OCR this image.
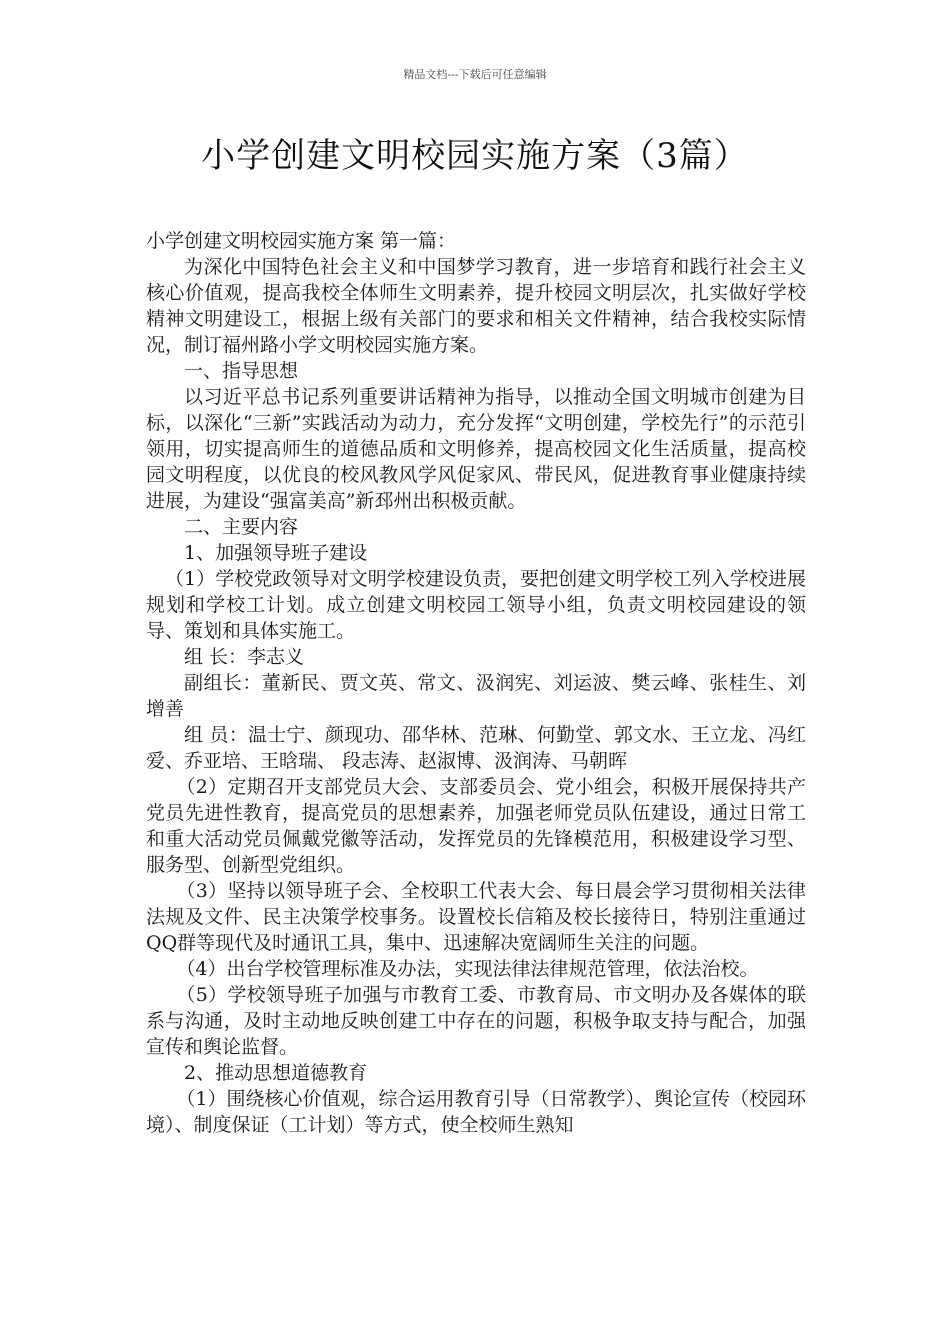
精品文档---下载后可任意编辑
小学创建文明校园实施方案（3篇）

小学创建文明校园实施方案 第一篇：

为深化中国特色社会主义和中国梦学习教育，进一步培育和践行社会主义核心价值观，提高我校全体师生文明素养，提升校园文明层次，扎实做好学校精神文明建设工，根据上级有关部门的要求和相关文件精神，结合我校实际情况，制订福州路小学文明校园实施方案。

一、指导思想

以习近平总书记系列重要讲话精神为指导，以推动全国文明城市创建为目标，以深化“三新”实践活动为动力，充分发挥“文明创建，学校先行”的示范引领用，切实提高师生的道德品质和文明修养，提高校园文化生活质量，提高校园文明程度，以优良的校风教风学风促家风、带民风，促进教育事业健康持续进展，为建设“强富美高”新邳州出积极贡献。

二、主要内容

1、加强领导班子建设

（1）学校党政领导对文明学校建设负责，要把创建文明学校工列入学校进展规划和学校工计划。成立创建文明校园工领导小组，负责文明校园建设的领导、策划和具体实施工。

组 长：李志义

副组长：董新民、贾文英、常文、汲润宪、刘运波、樊云峰、张桂生、刘增善

组 员：温士宁、颜现功、邵华林、范琳、何勤堂、郭文水、王立龙、冯红爱、乔亚培、王晗瑞、 段志涛、赵淑博、汲润涛、马朝晖

（2）定期召开支部党员大会、支部委员会、党小组会，积极开展保持共产党员先进性教育，提高党员的思想素养，加强老师党员队伍建设，通过日常工和重大活动党员佩戴党徽等活动，发挥党员的先锋模范用，积极建设学习型、服务型、创新型党组织。

（3）坚持以领导班子会、全校职工代表大会、每日晨会学习贯彻相关法律法规及文件、民主决策学校事务。设置校长信箱及校长接待日，特别注重通过QQ群等现代及时通讯工具，集中、迅速解决宽阔师生关注的问题。

（4）出台学校管理标准及办法，实现法律法律规范管理，依法治校。

（5）学校领导班子加强与市教育工委、市教育局、市文明办及各媒体的联系与沟通，及时主动地反映创建工中存在的问题，积极争取支持与配合，加强宣传和舆论监督。

2、推动思想道德教育

（1）围绕核心价值观，综合运用教育引导（日常教学）、舆论宣传（校园环境）、制度保证（工计划）等方式，使全校师生熟知
